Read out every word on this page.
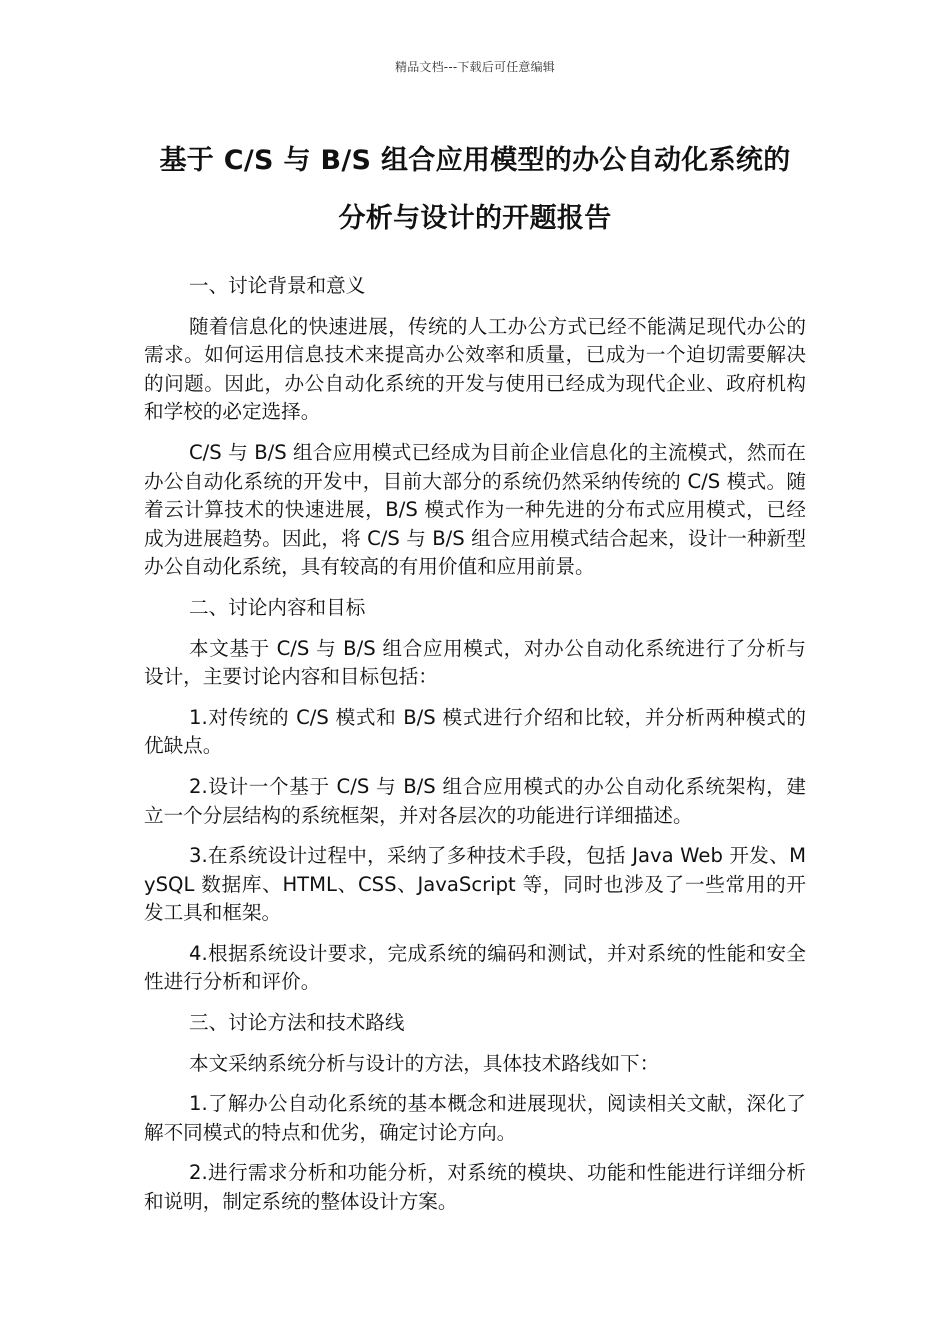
精品文档---下载后可任意编辑
基于 C/S 与 B/S 组合应用模型的办公自动化系统的
分析与设计的开题报告
一、讨论背景和意义

随着信息化的快速进展，传统的人工办公方式已经不能满足现代办公的需求。如何运用信息技术来提高办公效率和质量，已成为一个迫切需要解决的问题。因此，办公自动化系统的开发与使用已经成为现代企业、政府机构和学校的必定选择。

C/S 与 B/S 组合应用模式已经成为目前企业信息化的主流模式，然而在办公自动化系统的开发中，目前大部分的系统仍然采纳传统的 C/S 模式。随着云计算技术的快速进展，B/S 模式作为一种先进的分布式应用模式，已经成为进展趋势。因此，将 C/S 与 B/S 组合应用模式结合起来，设计一种新型办公自动化系统，具有较高的有用价值和应用前景。

二、讨论内容和目标

本文基于 C/S 与 B/S 组合应用模式，对办公自动化系统进行了分析与设计，主要讨论内容和目标包括：

1.对传统的 C/S 模式和 B/S 模式进行介绍和比较，并分析两种模式的优缺点。

2.设计一个基于 C/S 与 B/S 组合应用模式的办公自动化系统架构，建立一个分层结构的系统框架，并对各层次的功能进行详细描述。

3.在系统设计过程中，采纳了多种技术手段，包括 Java Web 开发、MySQL 数据库、HTML、CSS、JavaScript 等，同时也涉及了一些常用的开发工具和框架。

4.根据系统设计要求，完成系统的编码和测试，并对系统的性能和安全性进行分析和评价。

三、讨论方法和技术路线

本文采纳系统分析与设计的方法，具体技术路线如下：

1.了解办公自动化系统的基本概念和进展现状，阅读相关文献，深化了解不同模式的特点和优劣，确定讨论方向。

2.进行需求分析和功能分析，对系统的模块、功能和性能进行详细分析和说明，制定系统的整体设计方案。
